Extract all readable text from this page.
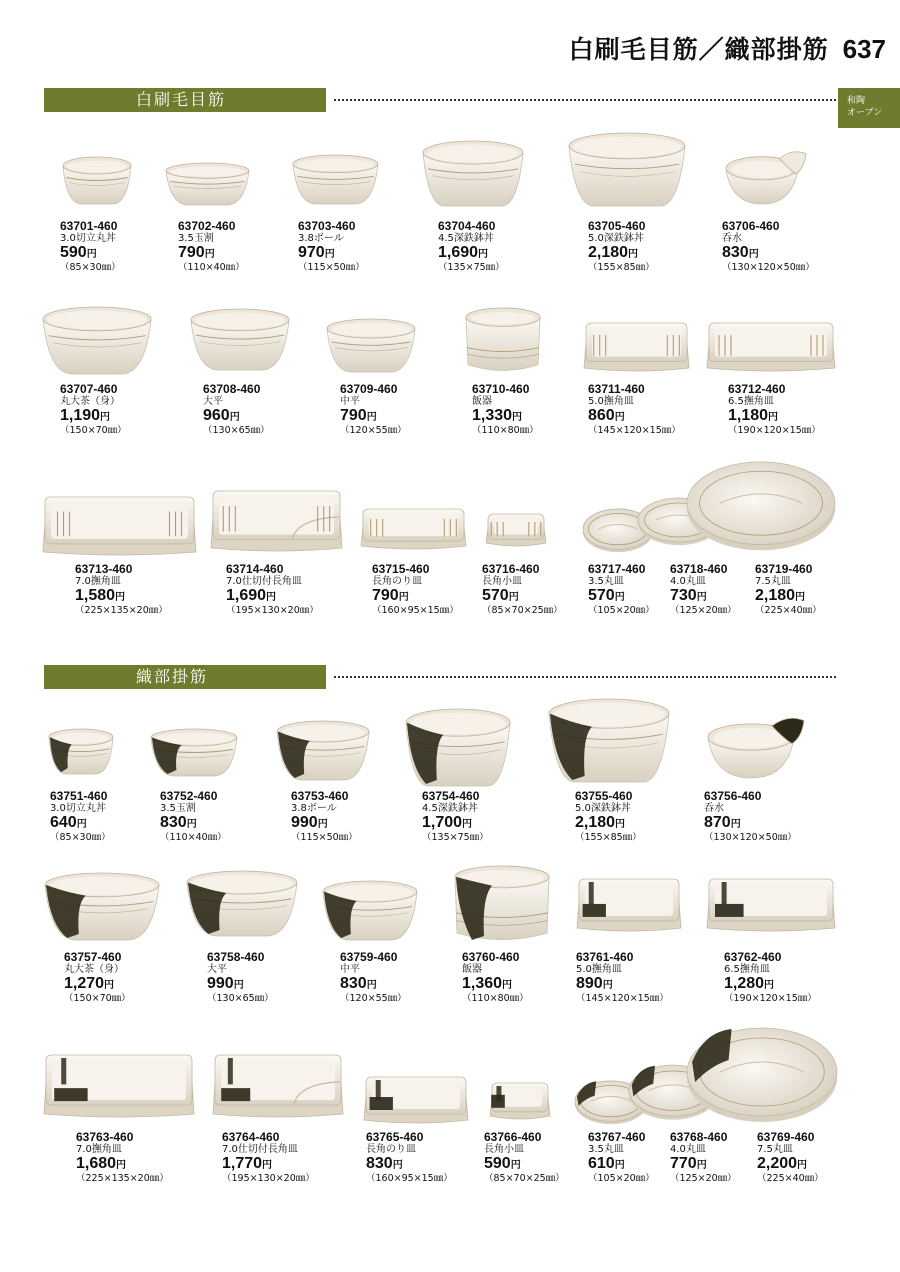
白刷毛目筋／織部掛筋 637
和陶
オーブン
白刷毛目筋
織部掛筋
63701-460
3.0切立丸丼
590円
（85×30㎜）
63702-460
3.5玉割
790円
（110×40㎜）
63703-460
3.8ボール
970円
（115×50㎜）
63704-460
4.5深鉄鉢丼
1,690円
（135×75㎜）
63705-460
5.0深鉄鉢丼
2,180円
（155×85㎜）
63706-460
呑水
830円
（130×120×50㎜）
63707-460
丸大茶（身）
1,190円
（150×70㎜）
63708-460
大平
960円
（130×65㎜）
63709-460
中平
790円
（120×55㎜）
63710-460
飯器
1,330円
（110×80㎜）
63711-460
5.0撫角皿
860円
（145×120×15㎜）
63712-460
6.5撫角皿
1,180円
（190×120×15㎜）
63713-460
7.0撫角皿
1,580円
（225×135×20㎜）
63714-460
7.0仕切付長角皿
1,690円
（195×130×20㎜）
63715-460
長角のり皿
790円
（160×95×15㎜）
63716-460
長角小皿
570円
（85×70×25㎜）
63717-460
3.5丸皿
570円
（105×20㎜）
63718-460
4.0丸皿
730円
（125×20㎜）
63719-460
7.5丸皿
2,180円
（225×40㎜）
63751-460
3.0切立丸丼
640円
（85×30㎜）
63752-460
3.5玉割
830円
（110×40㎜）
63753-460
3.8ボール
990円
（115×50㎜）
63754-460
4.5深鉄鉢丼
1,700円
（135×75㎜）
63755-460
5.0深鉄鉢丼
2,180円
（155×85㎜）
63756-460
呑水
870円
（130×120×50㎜）
63757-460
丸大茶（身）
1,270円
（150×70㎜）
63758-460
大平
990円
（130×65㎜）
63759-460
中平
830円
（120×55㎜）
63760-460
飯器
1,360円
（110×80㎜）
63761-460
5.0撫角皿
890円
（145×120×15㎜）
63762-460
6.5撫角皿
1,280円
（190×120×15㎜）
63763-460
7.0撫角皿
1,680円
（225×135×20㎜）
63764-460
7.0仕切付長角皿
1,770円
（195×130×20㎜）
63765-460
長角のり皿
830円
（160×95×15㎜）
63766-460
長角小皿
590円
（85×70×25㎜）
63767-460
3.5丸皿
610円
（105×20㎜）
63768-460
4.0丸皿
770円
（125×20㎜）
63769-460
7.5丸皿
2,200円
（225×40㎜）
